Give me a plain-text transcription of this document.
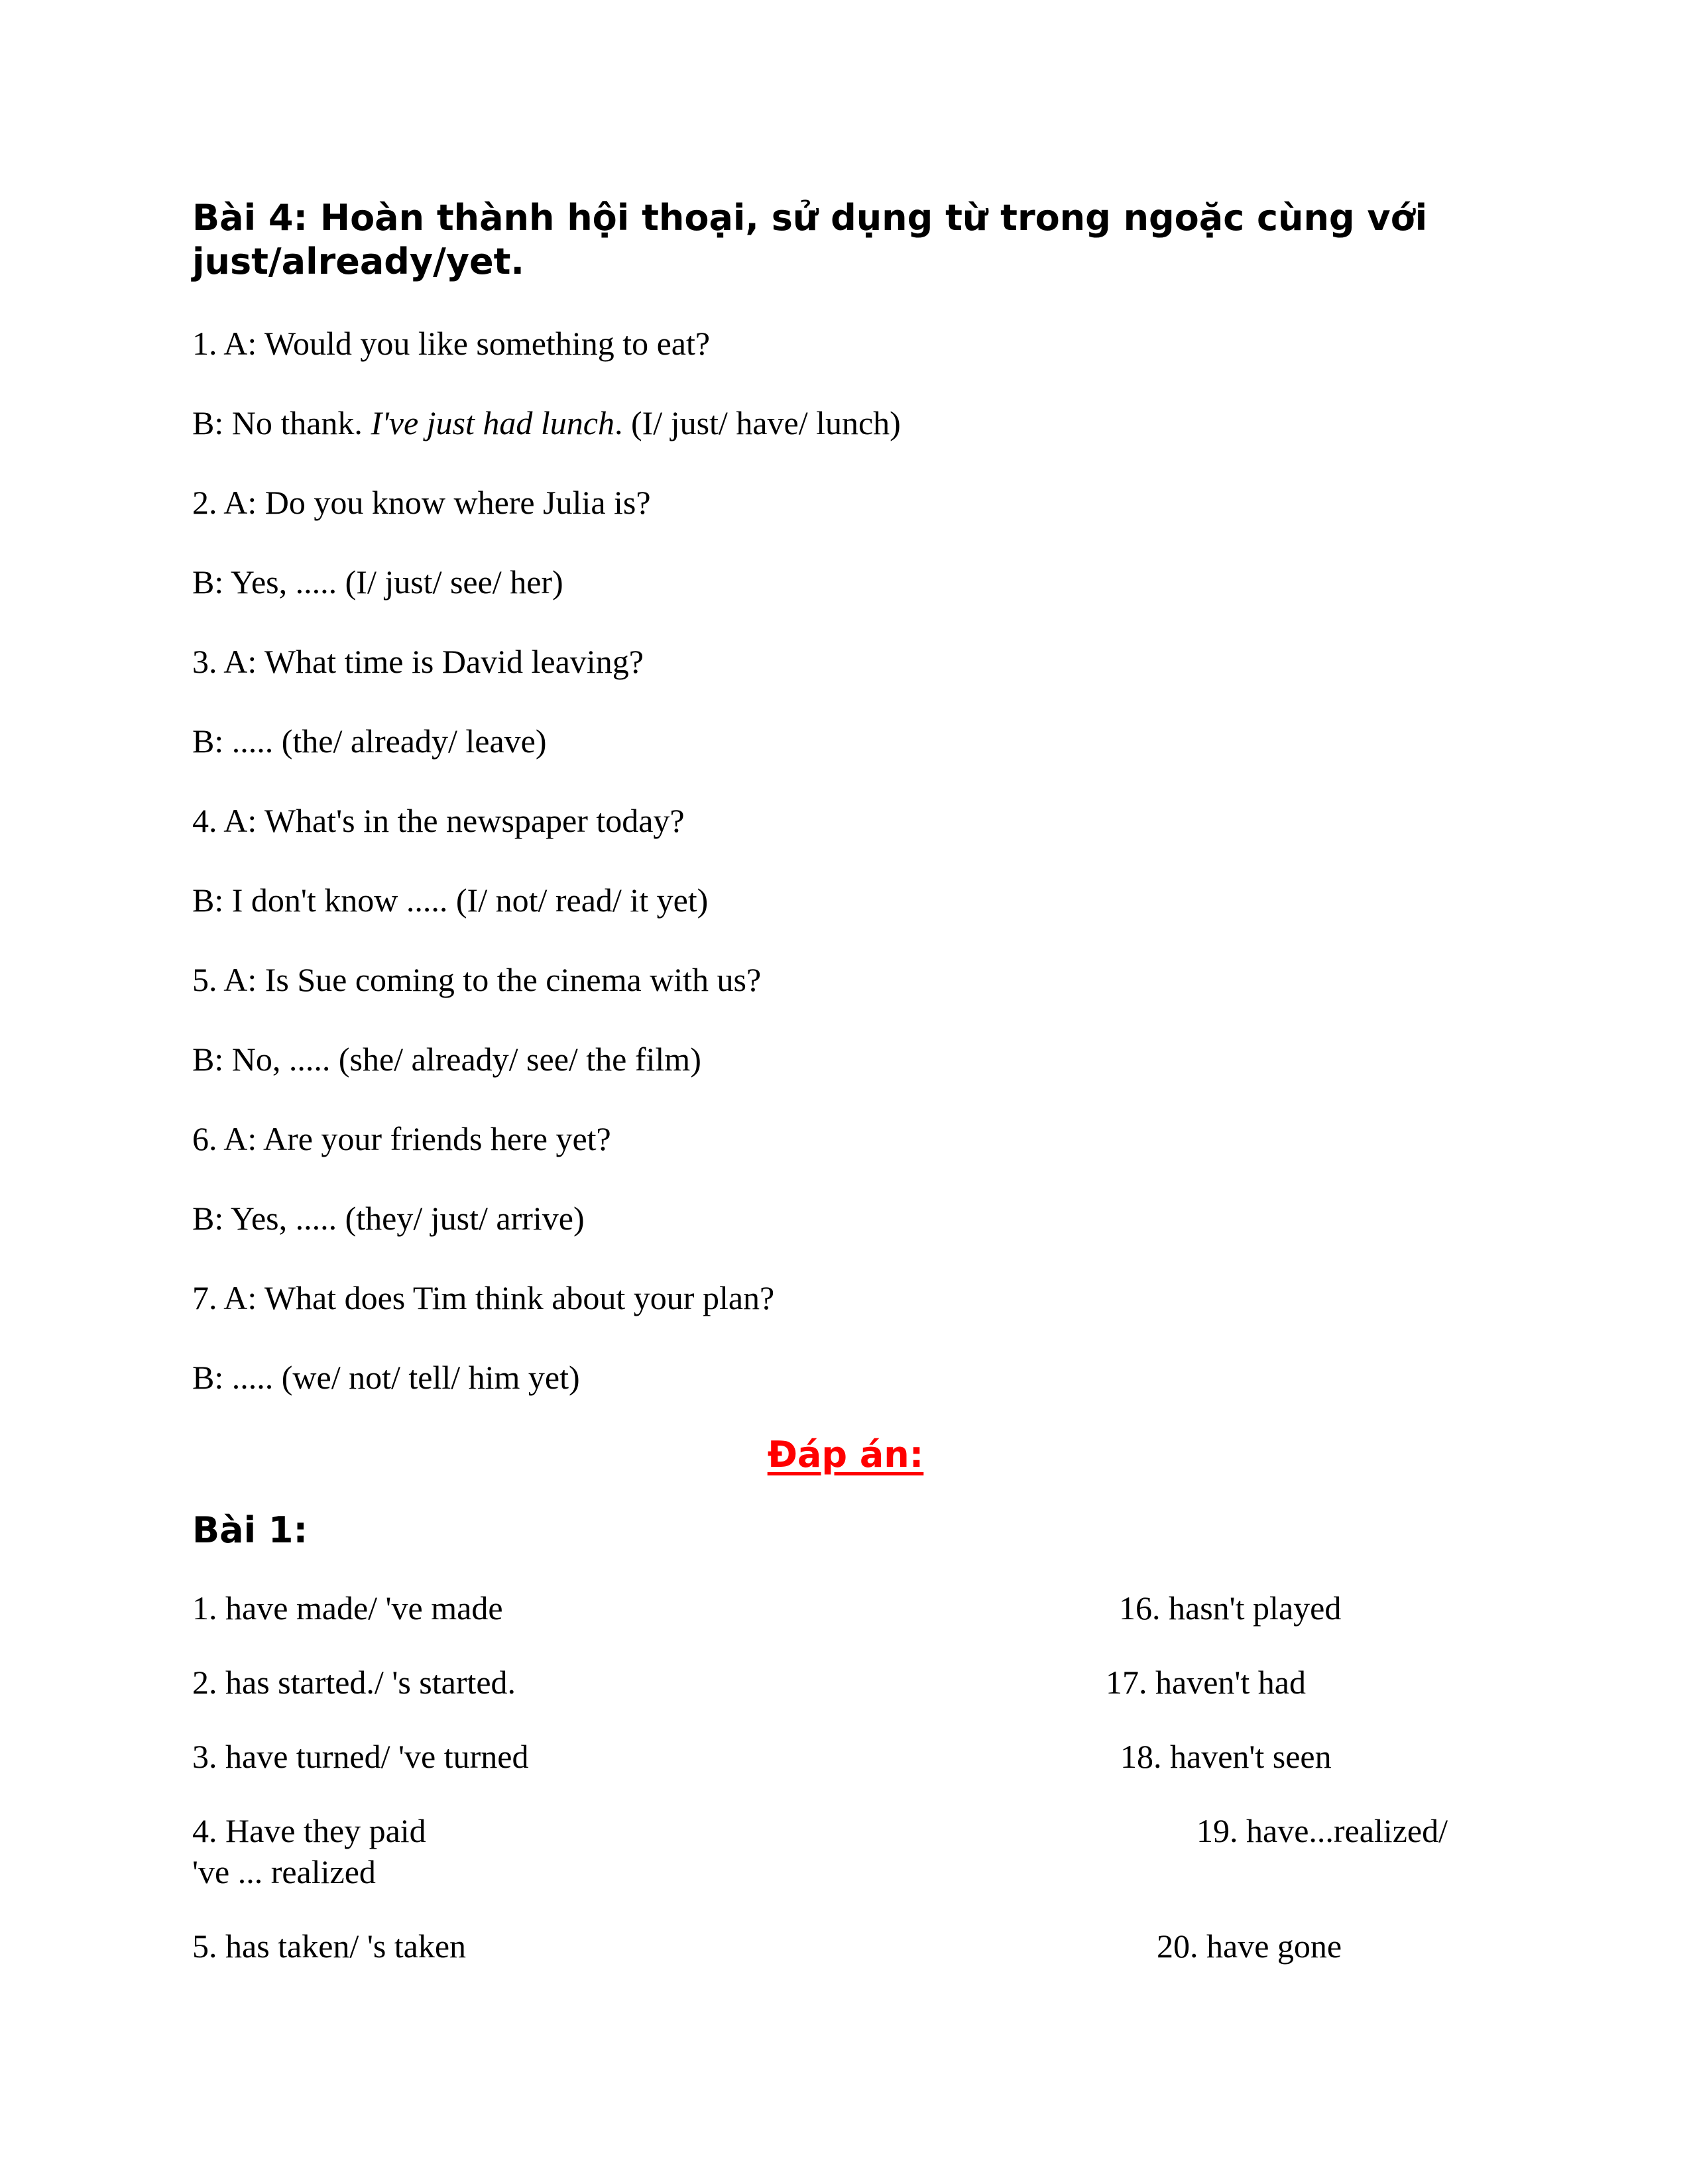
Bài 4: Hoàn thành hội thoại, sử dụng từ trong ngoặc cùng với
just/already/yet.
1. A: Would you like something to eat?
B: No thank. I've just had lunch. (I/ just/ have/ lunch)
2. A: Do you know where Julia is?
B: Yes, ..... (I/ just/ see/ her)
3. A: What time is David leaving?
B: ..... (the/ already/ leave)
4. A: What's in the newspaper today?
B: I don't know ..... (I/ not/ read/ it yet)
5. A: Is Sue coming to the cinema with us?
B: No, ..... (she/ already/ see/ the film)
6. A: Are your friends here yet?
B: Yes, ..... (they/ just/ arrive)
7. A: What does Tim think about your plan?
B: ..... (we/ not/ tell/ him yet)
Đáp án:
Bài 1:
1. have made/ 've made	16. hasn't played
2. has started./ 's started.	17. haven't had
3. have turned/ 've turned	18. haven't seen
4. Have they paid	19. have...realized/
've ... realized
5. has taken/ 's taken	20. have gone
